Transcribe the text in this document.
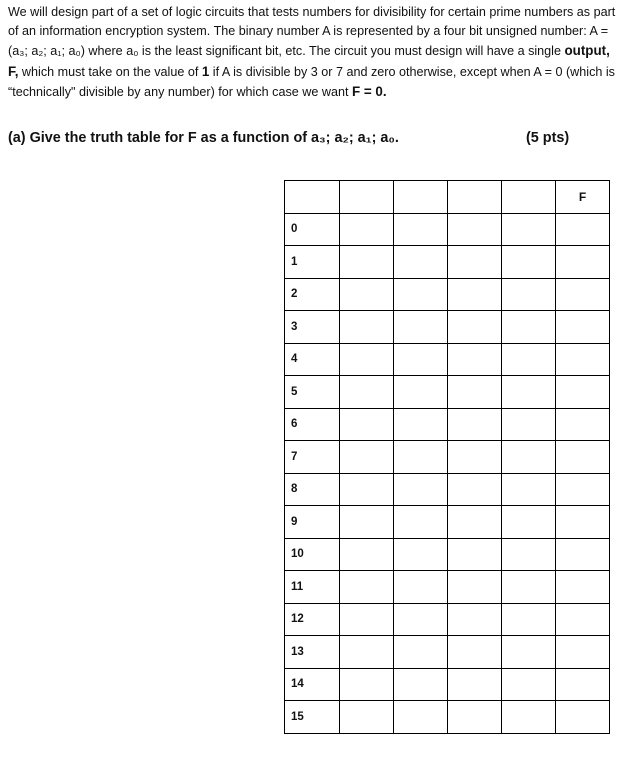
We will design part of a set of logic circuits that tests numbers for divisibility for certain prime numbers as part of an information encryption system. The binary number A is represented by a four bit unsigned number: A = (a₃; a₂; a₁; a₀) where a₀ is the least significant bit, etc. The circuit you must design will have a single output, F, which must take on the value of 1 if A is divisible by 3 or 7 and zero otherwise, except when A = 0 (which is “technically" divisible by any number) for which case we want F = 0.

(a) Give the truth table for F as a function of a₃; a₂; a₁; a₀.	(5 pts)

					F
0					
1					
2					
3					
4					
5					
6					
7					
8					
9					
10					
11					
12					
13					
14					
15					
